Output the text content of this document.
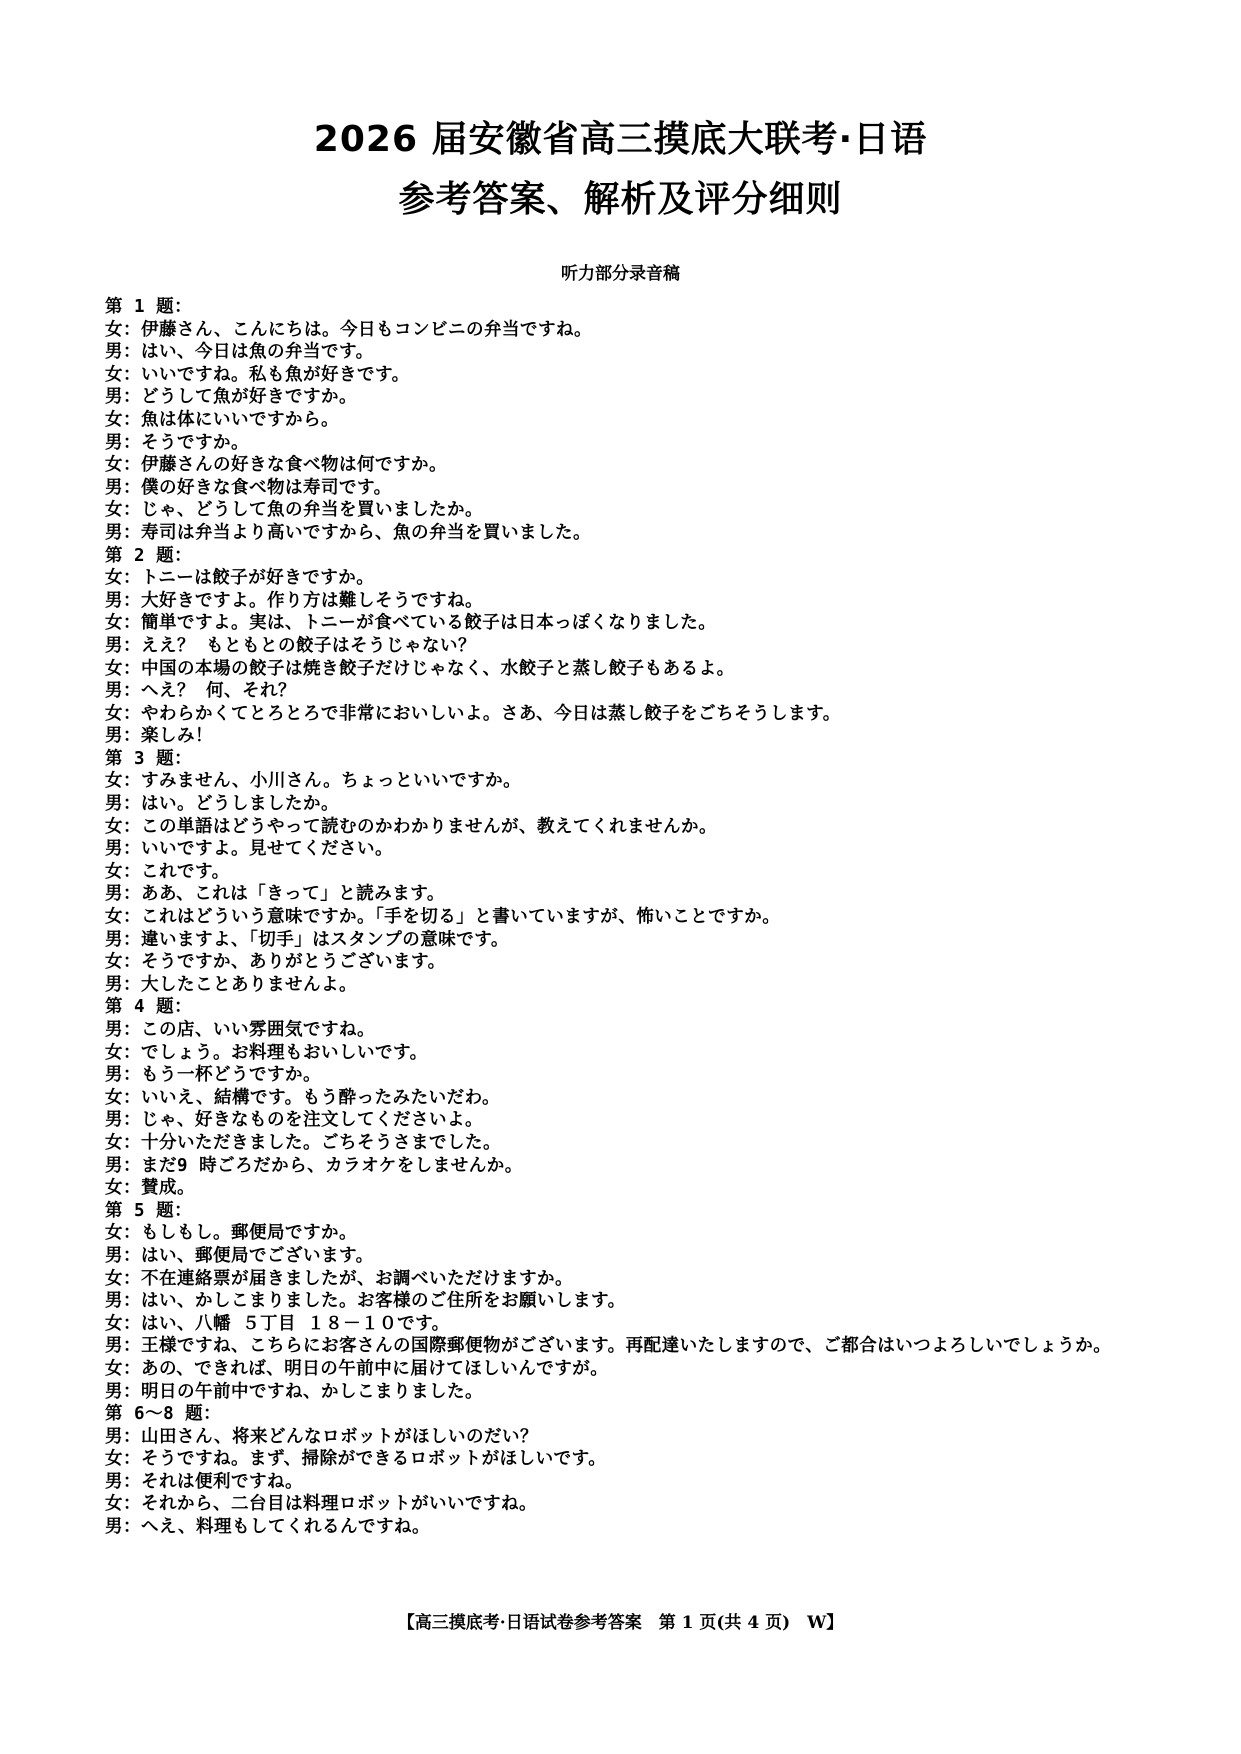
2026 届安徽省高三摸底大联考·日语
参考答案、解析及评分细则
听力部分录音稿
第 1 题：
女：伊藤さん、こんにちは。今日もコンビニの弁当ですね。
男：はい、今日は魚の弁当です。
女：いいですね。私も魚が好きです。
男：どうして魚が好きですか。
女：魚は体にいいですから。
男：そうですか。
女：伊藤さんの好きな食べ物は何ですか。
男：僕の好きな食べ物は寿司です。
女：じゃ、どうして魚の弁当を買いましたか。
男：寿司は弁当より高いですから、魚の弁当を買いました。
第 2 题：
女：トニーは餃子が好きですか。
男：大好きですよ。作り方は難しそうですね。
女：簡単ですよ。実は、トニーが食べている餃子は日本っぽくなりました。
男：ええ？ もともとの餃子はそうじゃない？
女：中国の本場の餃子は焼き餃子だけじゃなく、水餃子と蒸し餃子もあるよ。
男：へえ？ 何、それ？
女：やわらかくてとろとろで非常においしいよ。さあ、今日は蒸し餃子をごちそうします。
男：楽しみ！
第 3 题：
女：すみません、小川さん。ちょっといいですか。
男：はい。どうしましたか。
女：この単語はどうやって読むのかわかりませんが、教えてくれませんか。
男：いいですよ。見せてください。
女：これです。
男：ああ、これは「きって」と読みます。
女：これはどういう意味ですか。「手を切る」と書いていますが、怖いことですか。
男：違いますよ、「切手」はスタンプの意味です。
女：そうですか、ありがとうございます。
男：大したことありませんよ。
第 4 题：
男：この店、いい雰囲気ですね。
女：でしょう。お料理もおいしいです。
男：もう一杯どうですか。
女：いいえ、結構です。もう酔ったみたいだわ。
男：じゃ、好きなものを注文してくださいよ。
女：十分いただきました。ごちそうさまでした。
男：まだ9 時ごろだから、カラオケをしませんか。
女：賛成。
第 5 题：
女：もしもし。郵便局ですか。
男：はい、郵便局でございます。
女：不在連絡票が届きましたが、お調べいただけますか。
男：はい、かしこまりました。お客様のご住所をお願いします。
女：はい、八幡 ５丁目 １８－１０です。
男：王様ですね、こちらにお客さんの国際郵便物がございます。再配達いたしますので、ご都合はいつよろしいでしょうか。
女：あの、できれば、明日の午前中に届けてほしいんですが。
男：明日の午前中ですね、かしこまりました。
第 6～8 题：
男：山田さん、将来どんなロボットがほしいのだい？
女：そうですね。まず、掃除ができるロボットがほしいです。
男：それは便利ですね。
女：それから、二台目は料理ロボットがいいですね。
男：へえ、料理もしてくれるんですね。
【高三摸底考·日语试卷参考答案　第 1 页(共 4 页)　W】
